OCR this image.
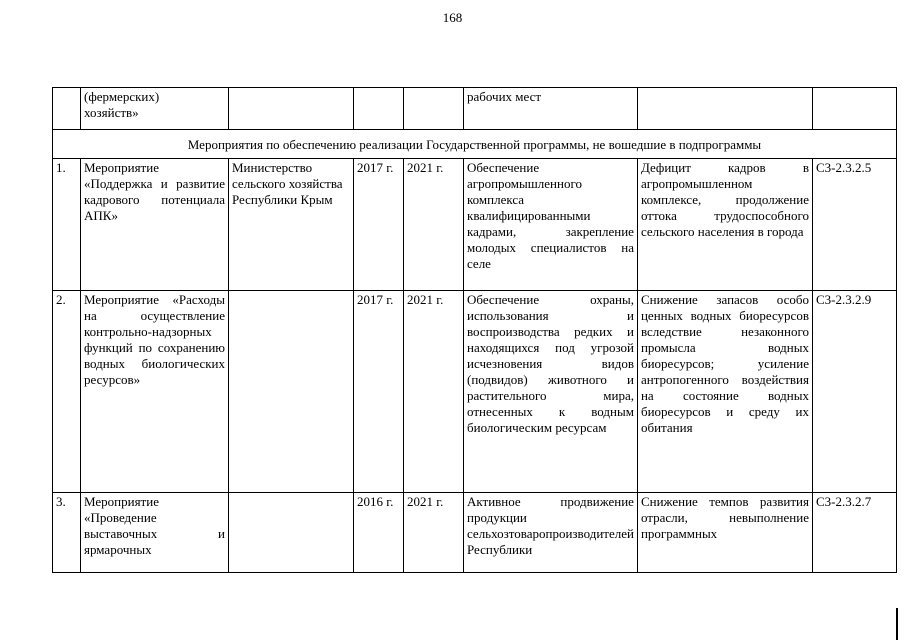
168
	(фермерских)
хозяйств»				рабочих мест		
Мероприятия по обеспечению реализации Государственной программы, не вошедшие в подпрограммы							
1.	Мероприятие «Поддержка и развитие кадрового потенциала АПК»	Министерство сельского хозяйства Республики Крым	2017 г.	2021 г.	Обеспечение агропромышленного комплекса квалифицированными кадрами, закрепление молодых специалистов на селе	Дефицит кадров в агропромышленном комплексе, продолжение оттока трудоспособного сельского населения в города	С3-2.3.2.5
2.	Мероприятие «Расходы на осуществление контрольно-надзорных функций по сохранению водных биологических ресурсов»		2017 г.	2021 г.	Обеспечение охраны, использования и воспроизводства редких и находящихся под угрозой исчезновения видов (подвидов) животного и растительного мира, отнесенных к водным биологическим ресурсам	Снижение запасов особо ценных водных биоресурсов вследствие незаконного промысла водных биоресурсов; усиление антропогенного воздействия на состояние водных биоресурсов и среду их обитания	С3-2.3.2.9
3.	Мероприятие «Проведение выставочных и ярмарочных		2016 г.	2021 г.	Активное продвижение продукции сельхозтоваропроизводителей Республики	Снижение темпов развития отрасли, невыполнение программных	С3-2.3.2.7
